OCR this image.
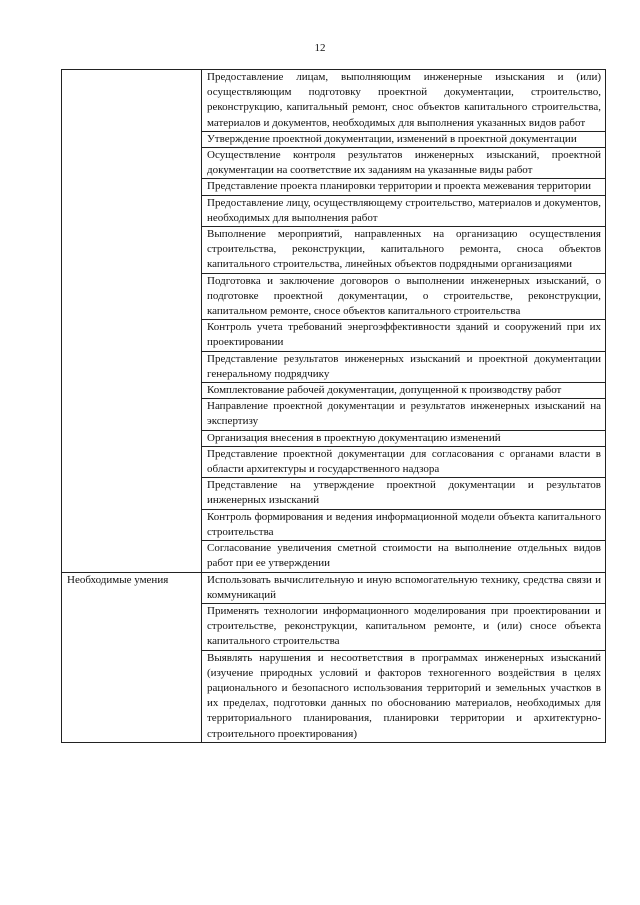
12
	Предоставление лицам, выполняющим инженерные изыскания и (или) осуществляющим подготовку проектной документации, строительство, реконструкцию, капитальный ремонт, снос объектов капитального строительства, материалов и документов, необходимых для выполнения указанных видов работ
	Утверждение проектной документации, изменений в проектной документации
	Осуществление контроля результатов инженерных изысканий, проектной документации на соответствие их заданиям на указанные виды работ
	Представление проекта планировки территории и проекта межевания территории
	Предоставление лицу, осуществляющему строительство, материалов и документов, необходимых для выполнения работ
	Выполнение мероприятий, направленных на организацию осуществления строительства, реконструкции, капитального ремонта, сноса объектов капитального строительства, линейных объектов подрядными организациями
	Подготовка и заключение договоров о выполнении инженерных изысканий, о подготовке проектной документации, о строительстве, реконструкции, капитальном ремонте, сносе объектов капитального строительства
	Контроль учета требований энергоэффективности зданий и сооружений при их проектировании
	Представление результатов инженерных изысканий и проектной документации генеральному подрядчику
	Комплектование рабочей документации, допущенной к производству работ
	Направление проектной документации и результатов инженерных изысканий на экспертизу
	Организация внесения в проектную документацию изменений
	Представление проектной документации для согласования с органами власти в области архитектуры и государственного надзора
	Представление на утверждение проектной документации и результатов инженерных изысканий
	Контроль формирования и ведения информационной модели объекта капитального строительства
	Согласование увеличения сметной стоимости на выполнение отдельных видов работ при ее утверждении
Необходимые умения	Использовать вычислительную и иную вспомогательную технику, средства связи и коммуникаций
	Применять технологии информационного моделирования при проектировании и строительстве, реконструкции, капитальном ремонте, и (или) сносе объекта капитального строительства
	Выявлять нарушения и несоответствия в программах инженерных изысканий (изучение природных условий и факторов техногенного воздействия в целях рационального и безопасного использования территорий и земельных участков в их пределах, подготовки данных по обоснованию материалов, необходимых для территориального планирования, планировки территории и архитектурно-строительного проектирования)
